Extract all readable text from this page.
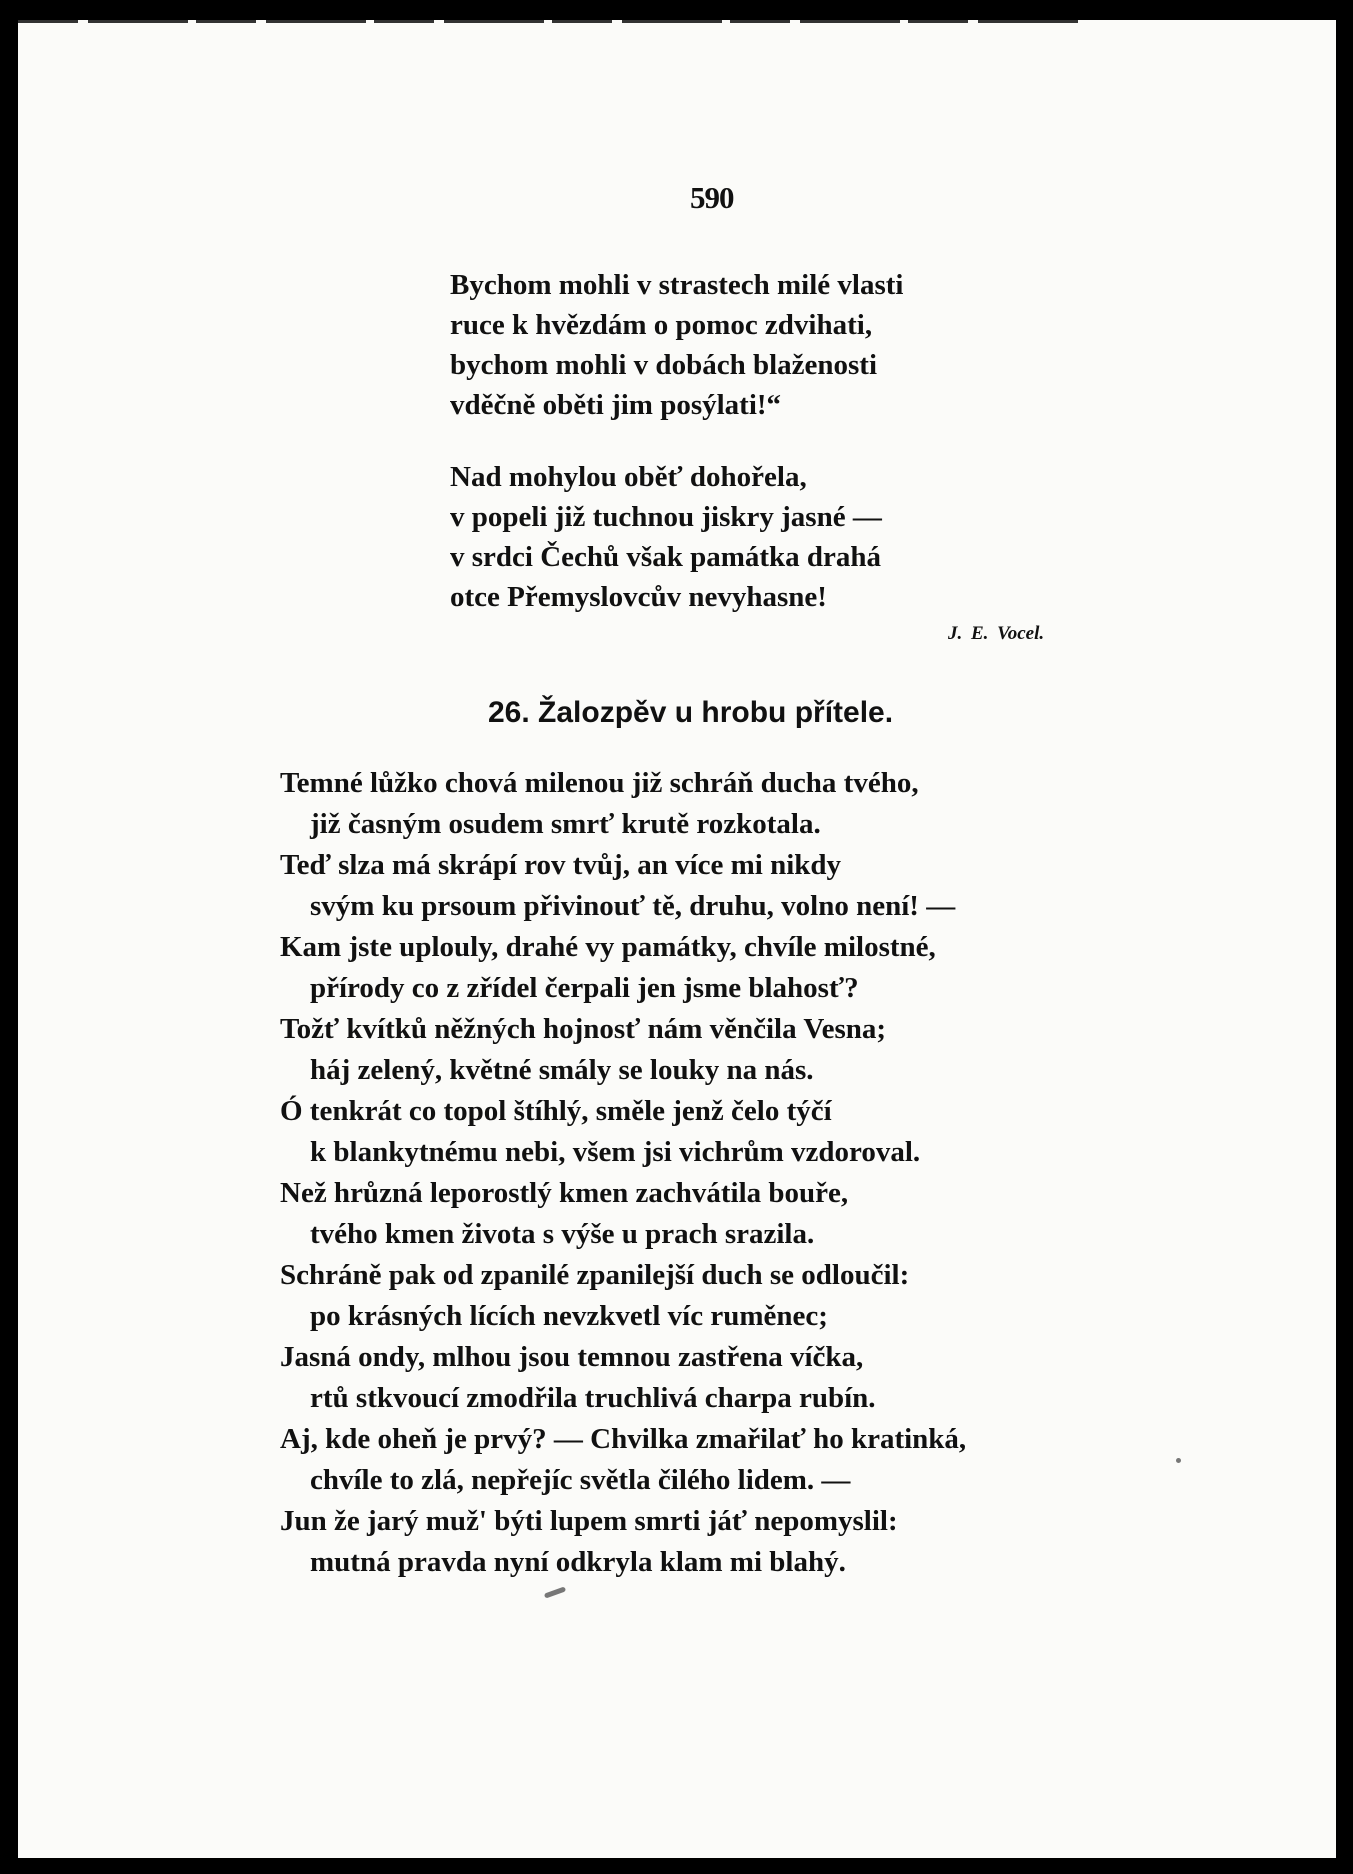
590
Bychom mohli v strastech milé vlasti
ruce k hvězdám o pomoc zdvihati,
bychom mohli v dobách blaženosti
vděčně oběti jim posýlati!“
Nad mohylou oběť dohořela,
v popeli již tuchnou jiskry jasné —
v srdci Čechů však památka drahá
otce Přemyslovcův nevyhasne!
J. E. Vocel.
26. Žalozpěv u hrobu přítele.
Temné lůžko chová milenou již schráň ducha tvého,
již časným osudem smrť krutě rozkotala.
Teď slza má skrápí rov tvůj, an více mi nikdy
svým ku prsoum přivinouť tě, druhu, volno není! —
Kam jste uplouly, drahé vy památky, chvíle milostné,
přírody co z zřídel čerpali jen jsme blahosť?
Tožť kvítků něžných hojnosť nám věnčila Vesna;
háj zelený, květné smály se louky na nás.
Ó tenkrát co topol štíhlý, směle jenž čelo týčí
k blankytnému nebi, všem jsi vichrům vzdoroval.
Než hrůzná leporostlý kmen zachvátila bouře,
tvého kmen života s výše u prach srazila.
Schráně pak od zpanilé zpanilejší duch se odloučil:
po krásných lících nevzkvetl víc ruměnec;
Jasná ondy, mlhou jsou temnou zastřena víčka,
rtů stkvoucí zmodřila truchlivá charpa rubín.
Aj, kde oheň je prvý? — Chvilka zmařilať ho kratinká,
chvíle to zlá, nepřejíc světla čilého lidem. —
Jun že jarý muž' býti lupem smrti jáť nepomyslil:
mutná pravda nyní odkryla klam mi blahý.
